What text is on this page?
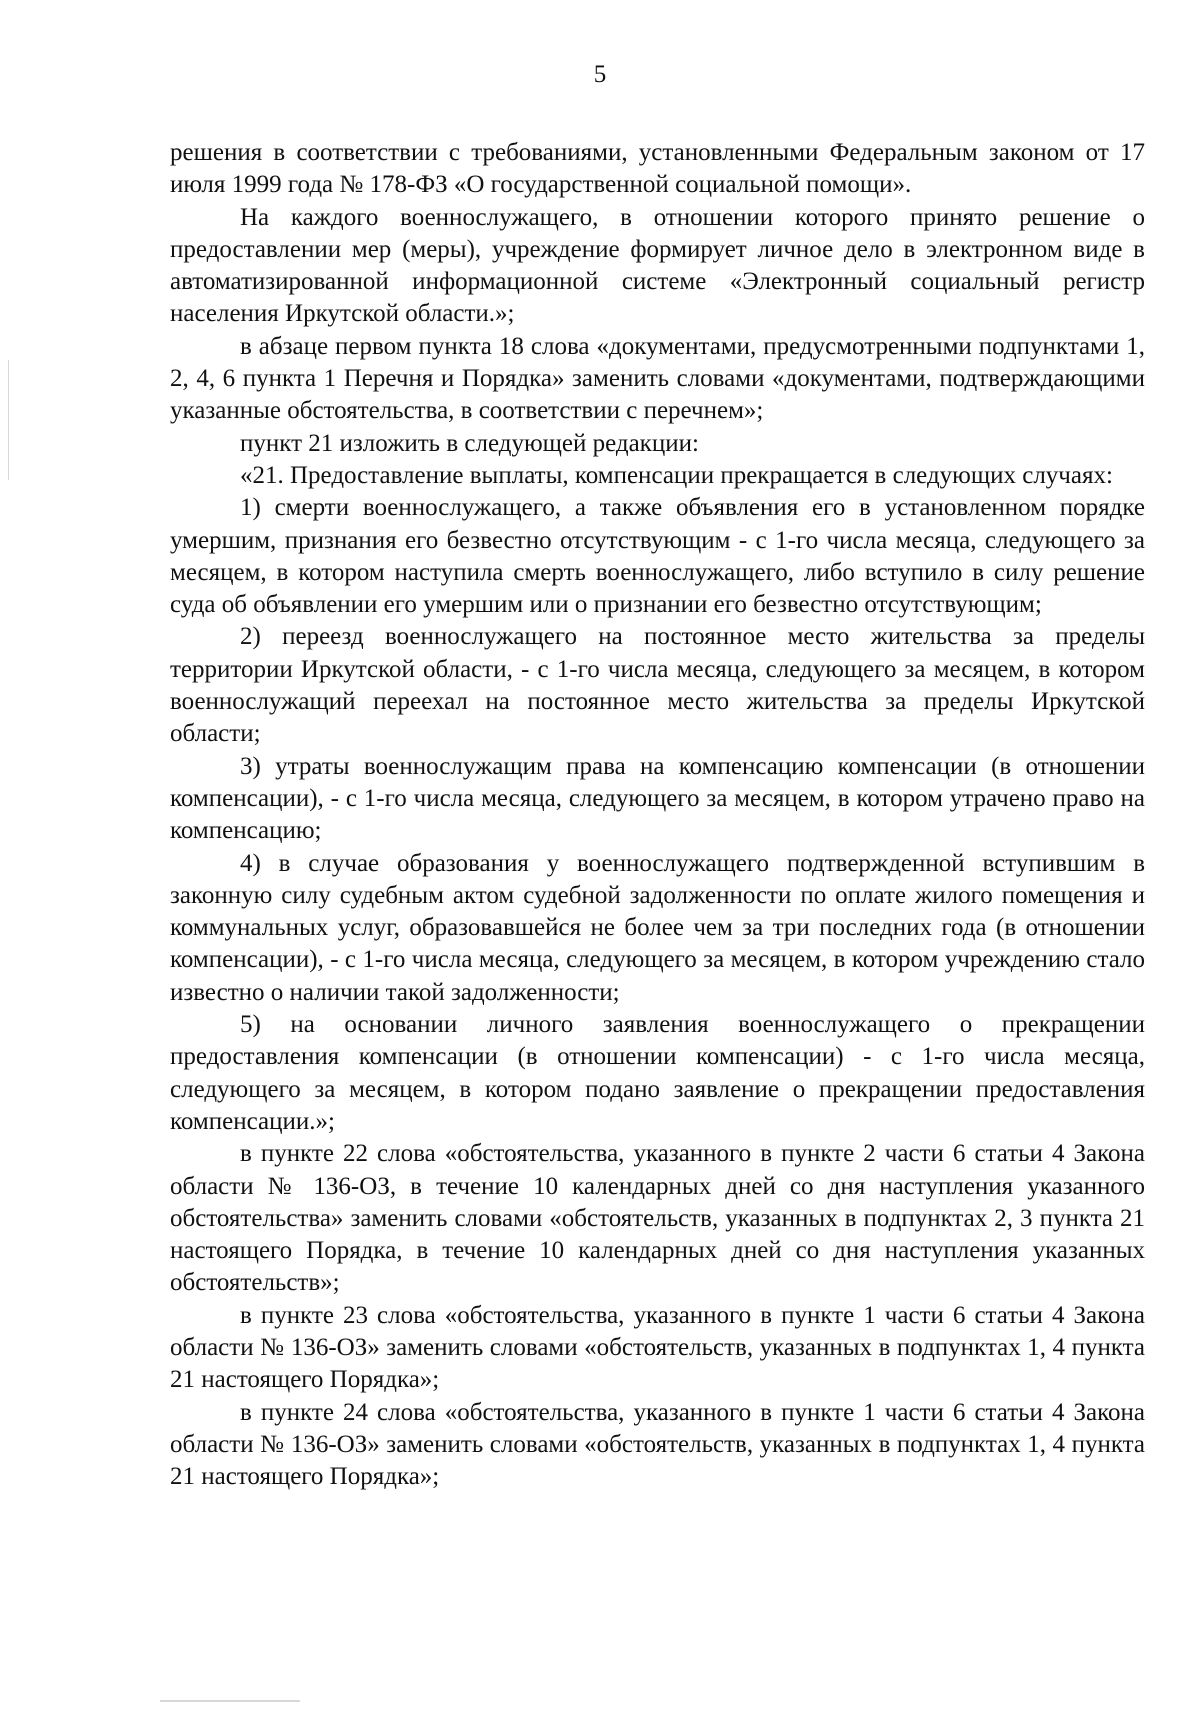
5

решения в соответствии с требованиями, установленными Федеральным законом от 17 июля 1999 года № 178-ФЗ «О государственной социальной помощи».

На каждого военнослужащего, в отношении которого принято решение о предоставлении мер (меры), учреждение формирует личное дело в электронном виде в автоматизированной информационной системе «Электронный социальный регистр населения Иркутской области.»;

в абзаце первом пункта 18 слова «документами, предусмотренными подпунктами 1, 2, 4, 6 пункта 1 Перечня и Порядка» заменить словами «документами, подтверждающими указанные обстоятельства, в соответствии с перечнем»;

пункт 21 изложить в следующей редакции:

«21. Предоставление выплаты, компенсации прекращается в следующих случаях:

1) смерти военнослужащего, а также объявления его в установленном порядке умершим, признания его безвестно отсутствующим - с 1-го числа месяца, следующего за месяцем, в котором наступила смерть военнослужащего, либо вступило в силу решение суда об объявлении его умершим или о признании его безвестно отсутствующим;

2) переезд военнослужащего на постоянное место жительства за пределы территории Иркутской области, - с 1-го числа месяца, следующего за месяцем, в котором военнослужащий переехал на постоянное место жительства за пределы Иркутской области;

3) утраты военнослужащим права на компенсацию компенсации (в отношении компенсации), - с 1-го числа месяца, следующего за месяцем, в котором утрачено право на компенсацию;

4) в случае образования у военнослужащего подтвержденной вступившим в законную силу судебным актом судебной задолженности по оплате жилого помещения и коммунальных услуг, образовавшейся не более чем за три последних года (в отношении компенсации), - с 1-го числа месяца, следующего за месяцем, в котором учреждению стало известно о наличии такой задолженности;

5) на основании личного заявления военнослужащего о прекращении предоставления компенсации (в отношении компенсации) - с 1-го числа месяца, следующего за месяцем, в котором подано заявление о прекращении предоставления компенсации.»;

в пункте 22 слова «обстоятельства, указанного в пункте 2 части 6 статьи 4 Закона области № 136-ОЗ, в течение 10 календарных дней со дня наступления указанного обстоятельства» заменить словами «обстоятельств, указанных в подпунктах 2, 3 пункта 21 настоящего Порядка, в течение 10 календарных дней со дня наступления указанных обстоятельств»;

в пункте 23 слова «обстоятельства, указанного в пункте 1 части 6 статьи 4 Закона области № 136-ОЗ» заменить словами «обстоятельств, указанных в подпунктах 1, 4 пункта 21 настоящего Порядка»;

в пункте 24 слова «обстоятельства, указанного в пункте 1 части 6 статьи 4 Закона области № 136-ОЗ» заменить словами «обстоятельств, указанных в подпунктах 1, 4 пункта 21 настоящего Порядка»;
